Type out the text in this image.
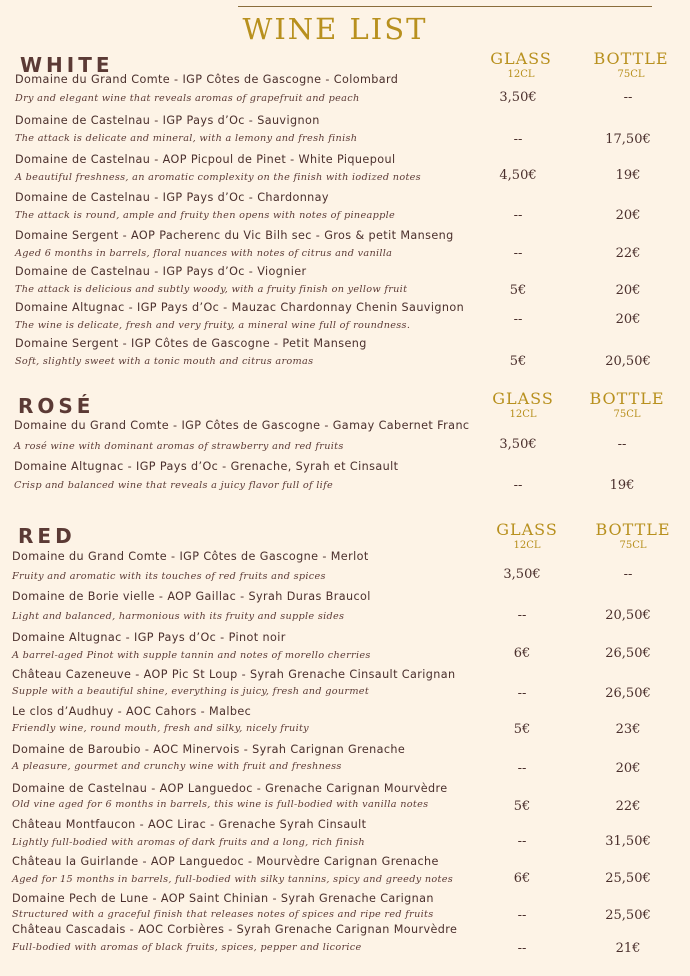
WINE LIST
WHITE	GLASS
12CL
BOTTLE
75CL
Domaine du Grand Comte - IGP Côtes de Gascogne - Colombard
Dry and elegant wine that reveals aromas of grapefruit and peach	3,50€	--
Domaine de Castelnau - IGP Pays d’Oc - Sauvignon
The attack is delicate and mineral, with a lemony and fresh finish	--	17,50€
Domaine de Castelnau - AOP Picpoul de Pinet - White Piquepoul
A beautiful freshness, an aromatic complexity on the finish with iodized notes	4,50€	19€
Domaine de Castelnau - IGP Pays d’Oc - Chardonnay
The attack is round, ample and fruity then opens with notes of pineapple	--	20€
Domaine Sergent - AOP Pacherenc du Vic Bilh sec - Gros & petit Manseng
Aged 6 months in barrels, floral nuances with notes of citrus and vanilla	--	22€
Domaine de Castelnau - IGP Pays d’Oc - Viognier
The attack is delicious and subtly woody, with a fruity finish on yellow fruit	5€	20€
Domaine Altugnac - IGP Pays d’Oc - Mauzac Chardonnay Chenin Sauvignon
The wine is delicate, fresh and very fruity, a mineral wine full of roundness.	--	20€
Domaine Sergent - IGP Côtes de Gascogne - Petit Manseng
Soft, slightly sweet with a tonic mouth and citrus aromas	5€	20,50€
ROSÉ	GLASS
12CL
BOTTLE
75CL
Domaine du Grand Comte - IGP Côtes de Gascogne - Gamay Cabernet Franc
A rosé wine with dominant aromas of strawberry and red fruits	3,50€	--
Domaine Altugnac - IGP Pays d’Oc - Grenache, Syrah et Cinsault
Crisp and balanced wine that reveals a juicy flavor full of life	--	19€
RED	GLASS
12CL
BOTTLE
75CL
Domaine du Grand Comte - IGP Côtes de Gascogne - Merlot
Fruity and aromatic with its touches of red fruits and spices	3,50€	--
Domaine de Borie vielle - AOP Gaillac - Syrah Duras Braucol
Light and balanced, harmonious with its fruity and supple sides	--	20,50€
Domaine Altugnac - IGP Pays d’Oc - Pinot noir
A barrel-aged Pinot with supple tannin and notes of morello cherries	6€	26,50€
Château Cazeneuve - AOP Pic St Loup - Syrah Grenache Cinsault Carignan
Supple with a beautiful shine, everything is juicy, fresh and gourmet	--	26,50€
Le clos d’Audhuy - AOC Cahors - Malbec
Friendly wine, round mouth, fresh and silky, nicely fruity	5€	23€
Domaine de Baroubio - AOC Minervois - Syrah Carignan Grenache
A pleasure, gourmet and crunchy wine with fruit and freshness	--	20€
Domaine de Castelnau - AOP Languedoc - Grenache Carignan Mourvèdre
Old vine aged for 6 months in barrels, this wine is full-bodied with vanilla notes	5€	22€
Château Montfaucon - AOC Lirac - Grenache Syrah Cinsault
Lightly full-bodied with aromas of dark fruits and a long, rich finish	--	31,50€
Château la Guirlande - AOP Languedoc - Mourvèdre Carignan Grenache
Aged for 15 months in barrels, full-bodied with silky tannins, spicy and greedy notes	6€	25,50€
Domaine Pech de Lune - AOP Saint Chinian - Syrah Grenache Carignan
Structured with a graceful finish that releases notes of spices and ripe red fruits	--	25,50€
Château Cascadais - AOC Corbières - Syrah Grenache Carignan Mourvèdre
Full-bodied with aromas of black fruits, spices, pepper and licorice	--	21€
